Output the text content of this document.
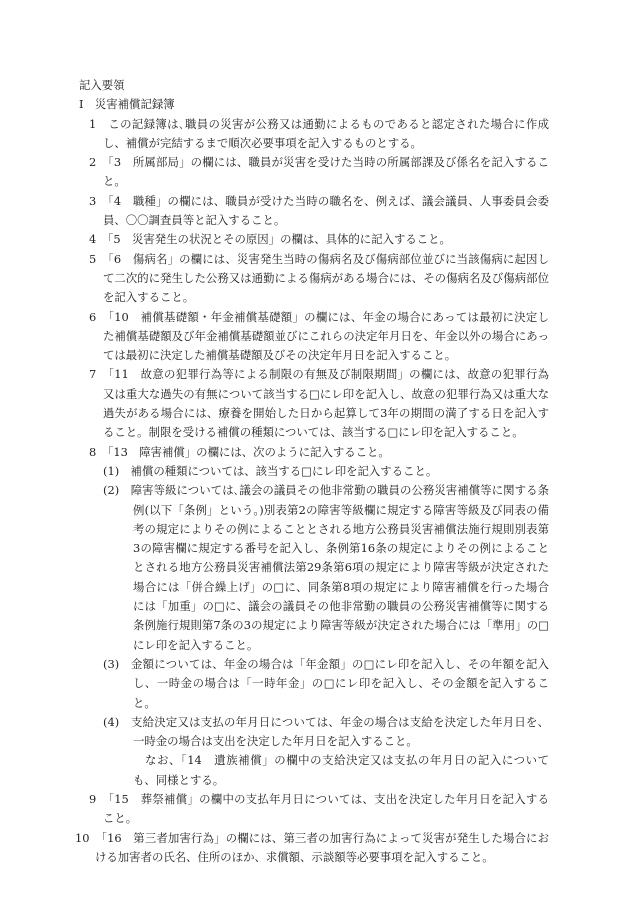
記入要領
I　災害補償記録簿
1　 この記録簿は､職員の災害が公務又は通勤によるものであると認定された場合に作成し、補償が完結するまで順次必要事項を記入するものとする。
2　 「3　所属部局」の欄には、職員が災害を受けた当時の所属部課及び係名を記入すること。
3　 「4　職種」の欄には、職員が受けた当時の職名を、例えば、議会議員、人事委員会委員、〇〇調査員等と記入すること。
4　 「5　災害発生の状況とその原因」の欄は、具体的に記入すること。
5　 「6　傷病名」の欄には、災害発生当時の傷病名及び傷病部位並びに当該傷病に起因して二次的に発生した公務又は通勤による傷病がある場合には、その傷病名及び傷病部位を記入すること。
6　 「10　補償基礎額・年金補償基礎額」の欄には、年金の場合にあっては最初に決定した補償基礎額及び年金補償基礎額並びにこれらの決定年月日を、年金以外の場合にあっては最初に決定した補償基礎額及びその決定年月日を記入すること。
7　 「11　故意の犯罪行為等による制限の有無及び制限期間」の欄には、故意の犯罪行為又は重大な過失の有無について該当する□にレ印を記入し、故意の犯罪行為又は重大な過失がある場合には、療養を開始した日から起算して3年の期間の満了する日を記入すること。制限を受ける補償の種類については、該当する□にレ印を記入すること。
8　 「13　障害補償」の欄には、次のように記入すること。
(1)　 補償の種類については、該当する□にレ印を記入すること。
(2)　 障害等級については､議会の議員その他非常勤の職員の公務災害補償等に関する条例(以下「条例」という。)別表第2の障害等級欄に規定する障害等級及び同表の備考の規定によりその例によることとされる地方公務員災害補償法施行規則別表第3の障害欄に規定する番号を記入し、条例第16条の規定によりその例によることとされる地方公務員災害補償法第29条第6項の規定により障害等級が決定された場合には「併合繰上げ」の□に、同条第8項の規定により障害補償を行った場合には「加重」の□に、議会の議員その他非常勤の職員の公務災害補償等に関する条例施行規則第7条の3の規定により障害等級が決定された場合には「準用」の□にレ印を記入すること。
(3)　 金額については、年金の場合は「年金額」の□にレ印を記入し、その年額を記入し、一時金の場合は「一時年金」の□にレ印を記入し、その金額を記入すること。
(4)　 支給決定又は支払の年月日については、年金の場合は支給を決定した年月日を、一時金の場合は支出を決定した年月日を記入すること。
なお、「14　遺族補償」の欄中の支給決定又は支払の年月日の記入についても、同様とする。
9　 「15　葬祭補償」の欄中の支払年月日については、支出を決定した年月日を記入すること。
10　 「16　第三者加害行為」の欄には、第三者の加害行為によって災害が発生した場合における加害者の氏名、住所のほか、求償額、示談額等必要事項を記入すること。
